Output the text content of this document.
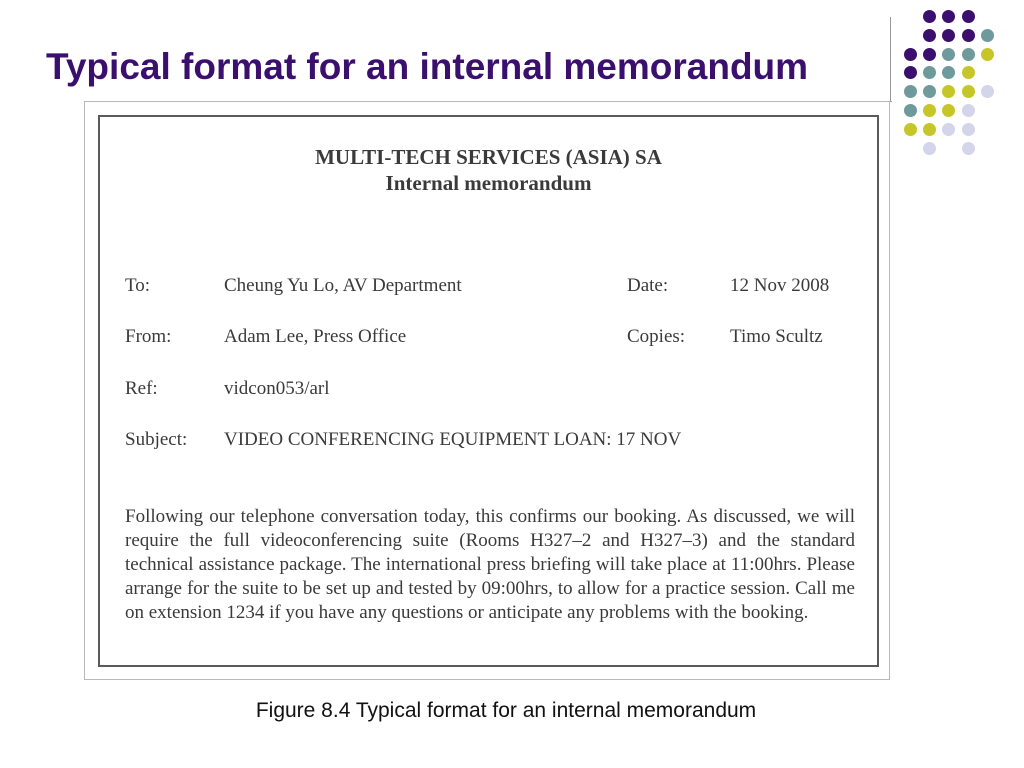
Typical format for an internal memorandum
MULTI-TECH SERVICES (ASIA) SA
Internal memorandum
To:	Cheung Yu Lo, AV Department	Date:	12 Nov 2008
From:	Adam Lee, Press Office	Copies: Timo Scultz
Ref:	vidcon053/arl
Subject: VIDEO CONFERENCING EQUIPMENT LOAN: 17 NOV
Following our telephone conversation today, this confirms our booking. As discussed, we will require the full videoconferencing suite (Rooms H327–2 and H327–3) and the standard technical assistance package. The international press briefing will take place at 11:00hrs. Please arrange for the suite to be set up and tested by 09:00hrs, to allow for a practice session. Call me on extension 1234 if you have any questions or anticipate any problems with the booking.
Figure 8.4 Typical format for an internal memorandum
